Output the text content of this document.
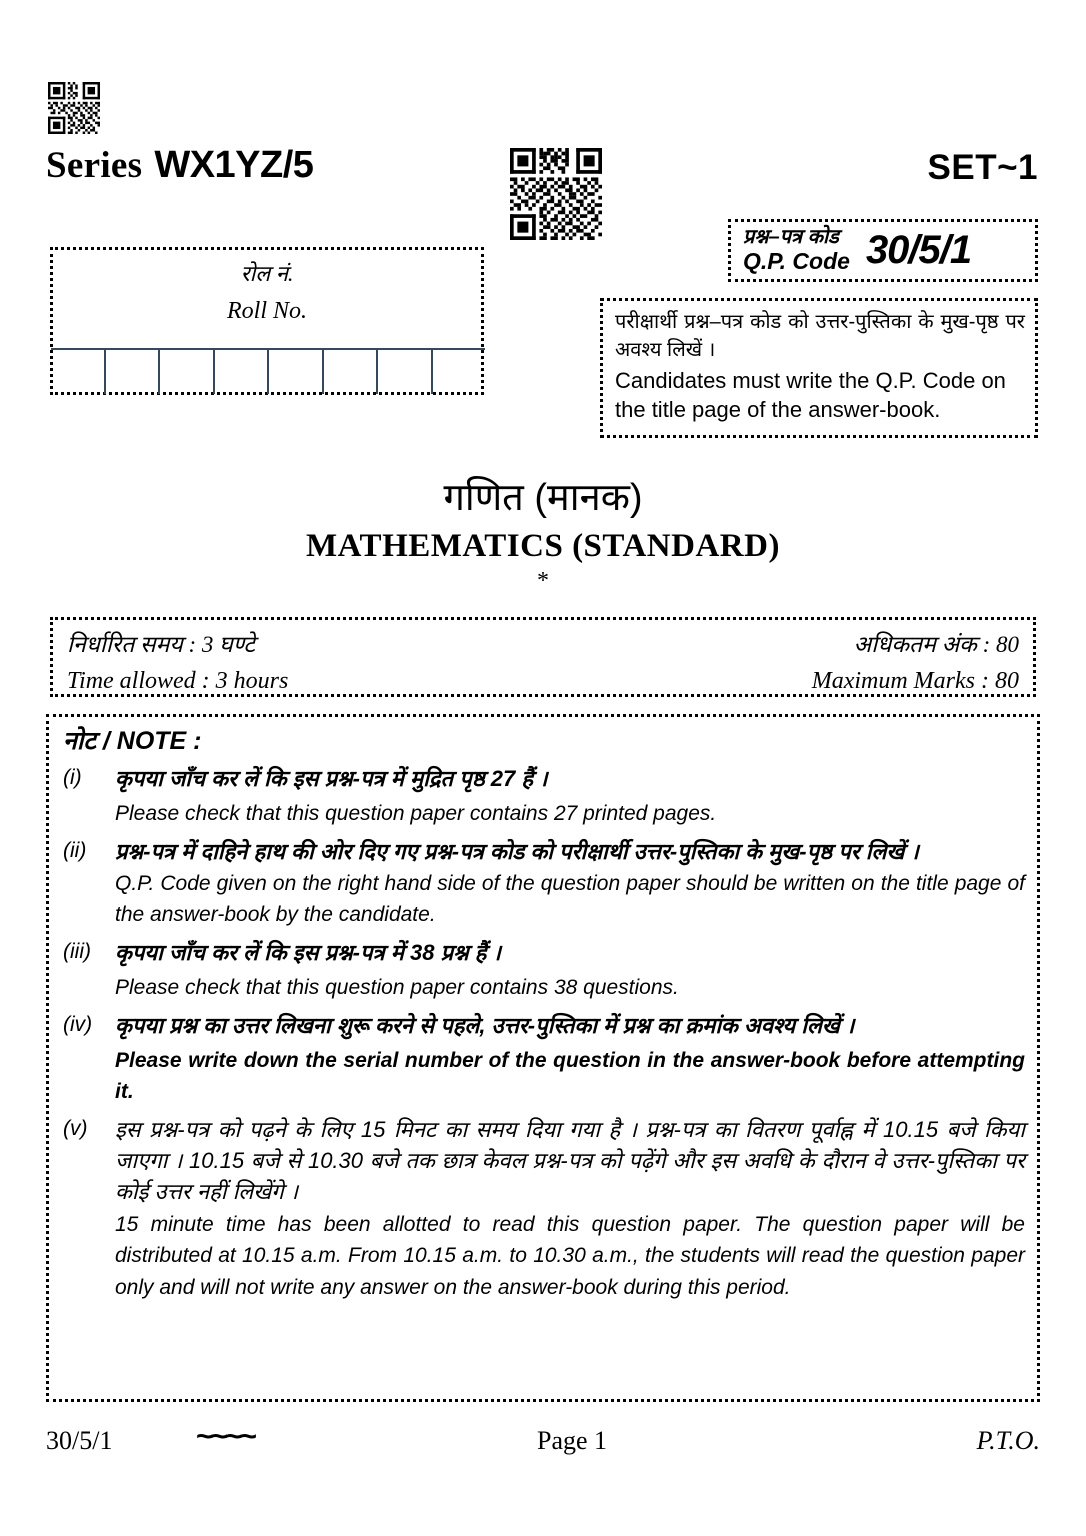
Series WX1YZ/5	SET~1
रोल नं.
Roll No.
प्रश्न–पत्र कोड
Q.P. Code 30/5/1
परीक्षार्थी प्रश्न–पत्र कोड को उत्तर-पुस्तिका के मुख-पृष्ठ पर अवश्य लिखें ।
Candidates must write the Q.P. Code on the title page of the answer-book.
गणित (मानक)
MATHEMATICS (STANDARD)
*
निर्धारित समय : 3 घण्टे	अधिकतम अंक : 80
Time allowed : 3 hours	Maximum Marks : 80
नोट / NOTE :
(i)	कृपया जाँच कर लें कि इस प्रश्न-पत्र में मुद्रित पृष्ठ 27 हैं ।
Please check that this question paper contains 27 printed pages.
(ii)	प्रश्न-पत्र में दाहिने हाथ की ओर दिए गए प्रश्न-पत्र कोड को परीक्षार्थी उत्तर-पुस्तिका के मुख-पृष्ठ पर लिखें ।
Q.P. Code given on the right hand side of the question paper should be written on the title page of the answer-book by the candidate.
(iii)	कृपया जाँच कर लें कि इस प्रश्न-पत्र में 38 प्रश्न हैं ।
Please check that this question paper contains 38 questions.
(iv)	कृपया प्रश्न का उत्तर लिखना शुरू करने से पहले, उत्तर-पुस्तिका में प्रश्न का क्रमांक अवश्य लिखें ।
Please write down the serial number of the question in the answer-book before attempting it.
(v)	इस प्रश्न-पत्र को पढ़ने के लिए 15 मिनट का समय दिया गया है । प्रश्न-पत्र का वितरण पूर्वाह्न में 10.15 बजे किया जाएगा । 10.15 बजे से 10.30 बजे तक छात्र केवल प्रश्न-पत्र को पढ़ेंगे और इस अवधि के दौरान वे उत्तर-पुस्तिका पर कोई उत्तर नहीं लिखेंगे ।
15 minute time has been allotted to read this question paper. The question paper will be distributed at 10.15 a.m. From 10.15 a.m. to 10.30 a.m., the students will read the question paper only and will not write any answer on the answer-book during this period.
30/5/1	~~~~	Page 1	P.T.O.
